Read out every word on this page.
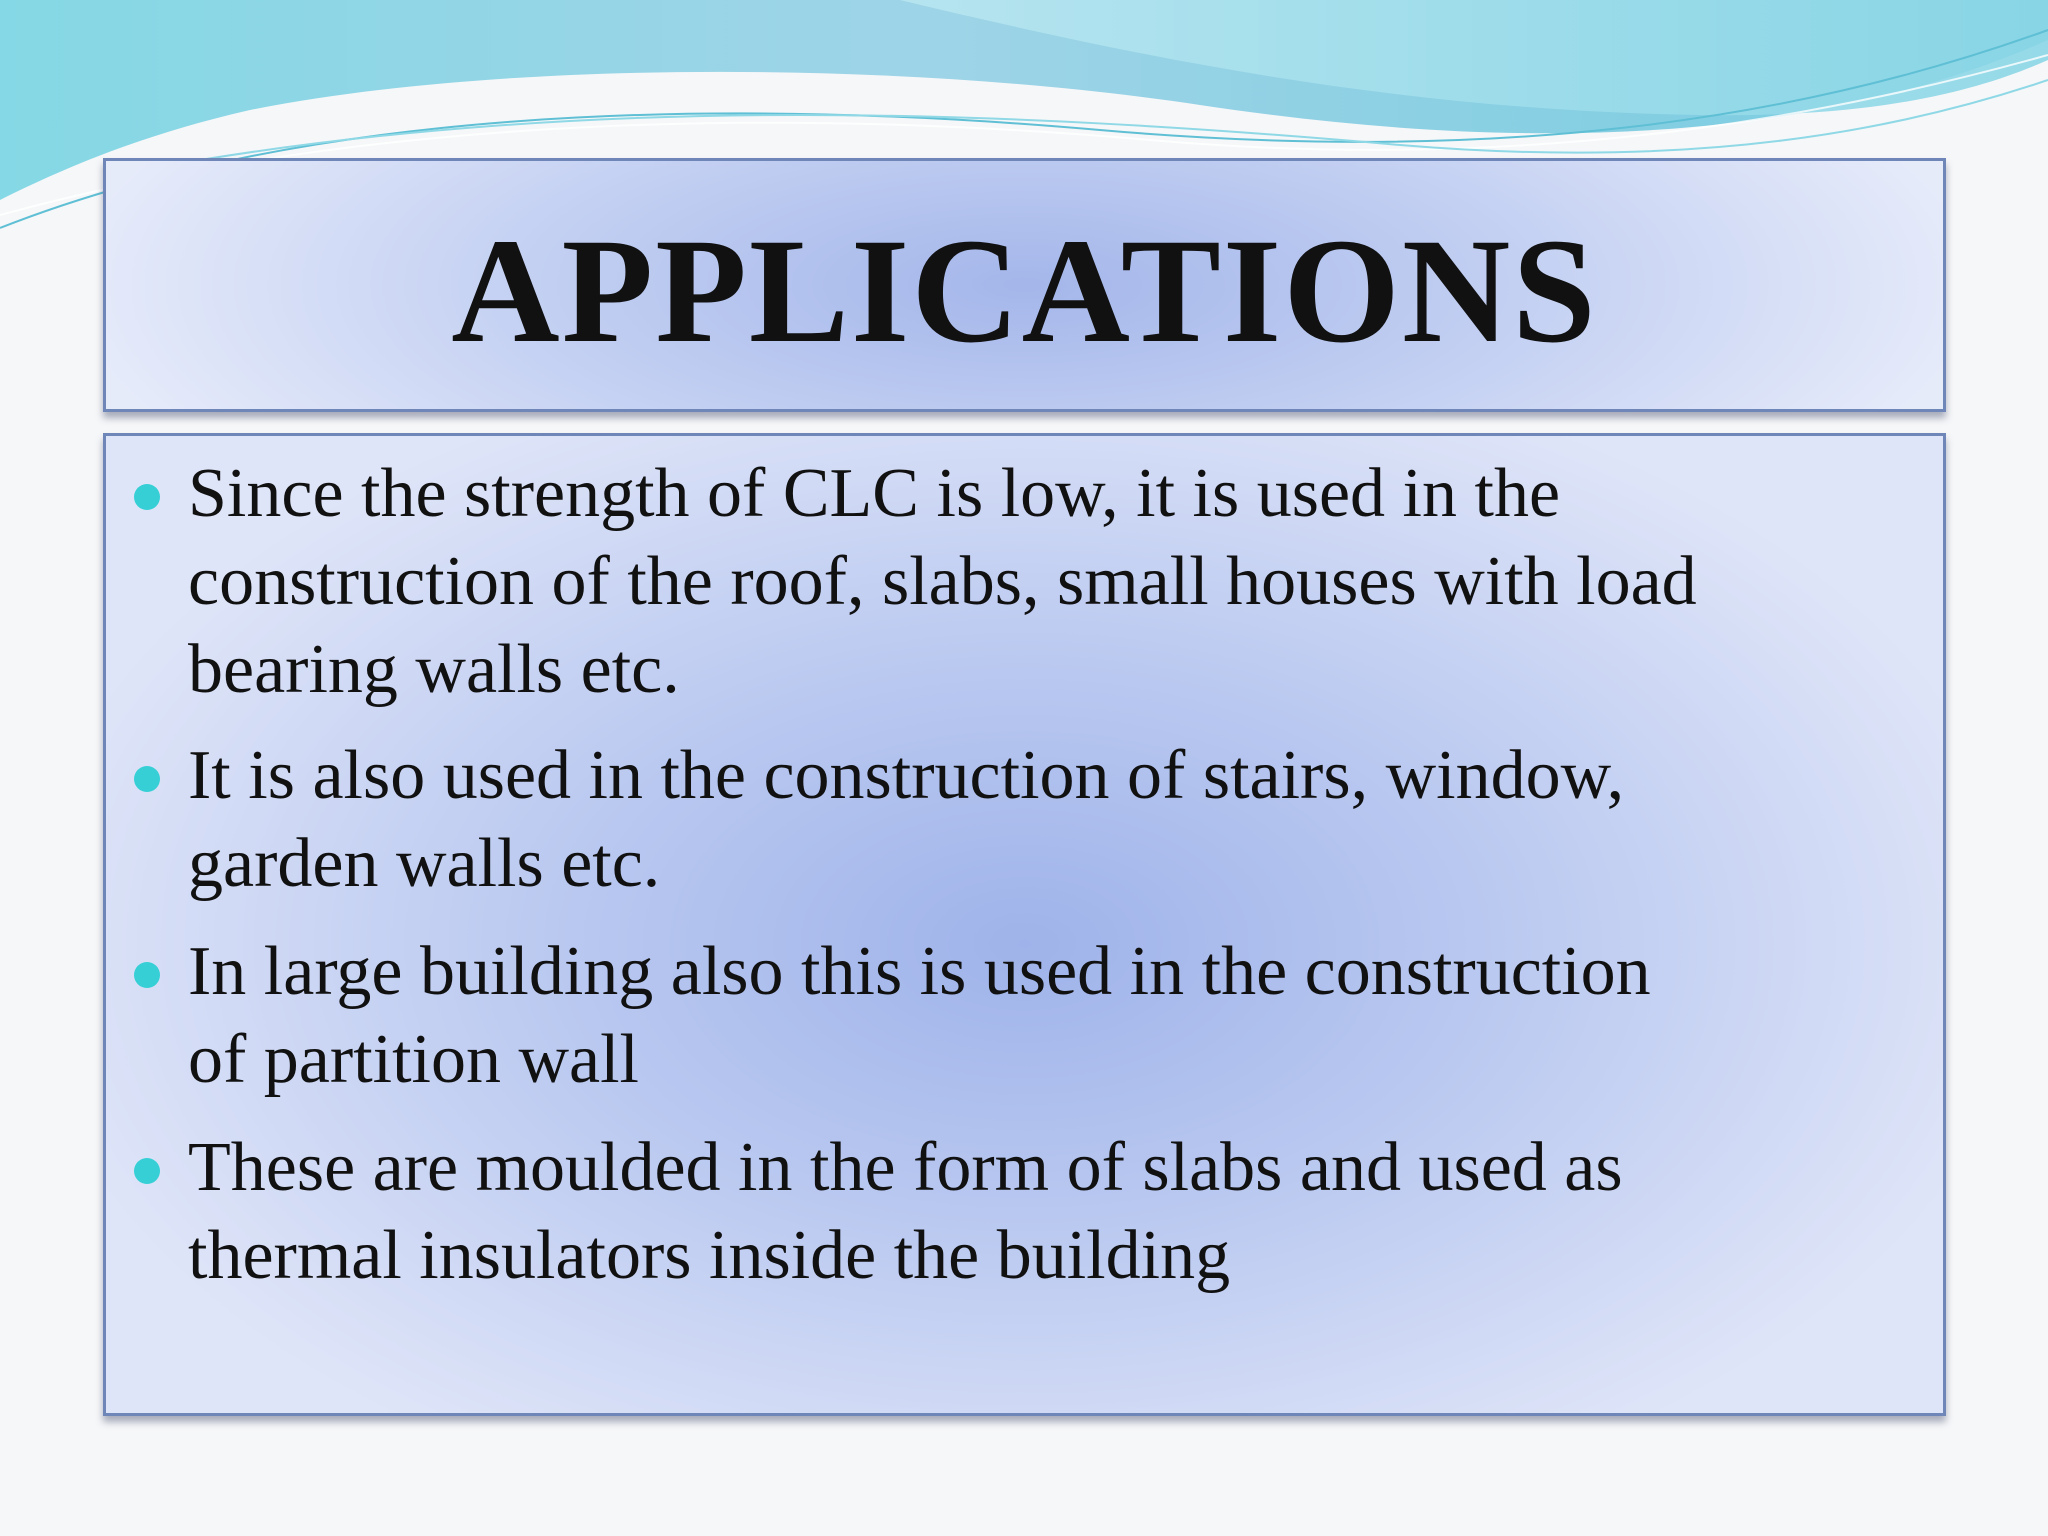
APPLICATIONS

Since the strength of CLC is low, it is used in the
construction of the roof, slabs, small houses with load
bearing walls etc.

It is also used in the construction of stairs, window,
garden walls etc.

In large building also this is used in the construction
of partition wall

These are moulded in the form of slabs and used as
thermal insulators inside the building
